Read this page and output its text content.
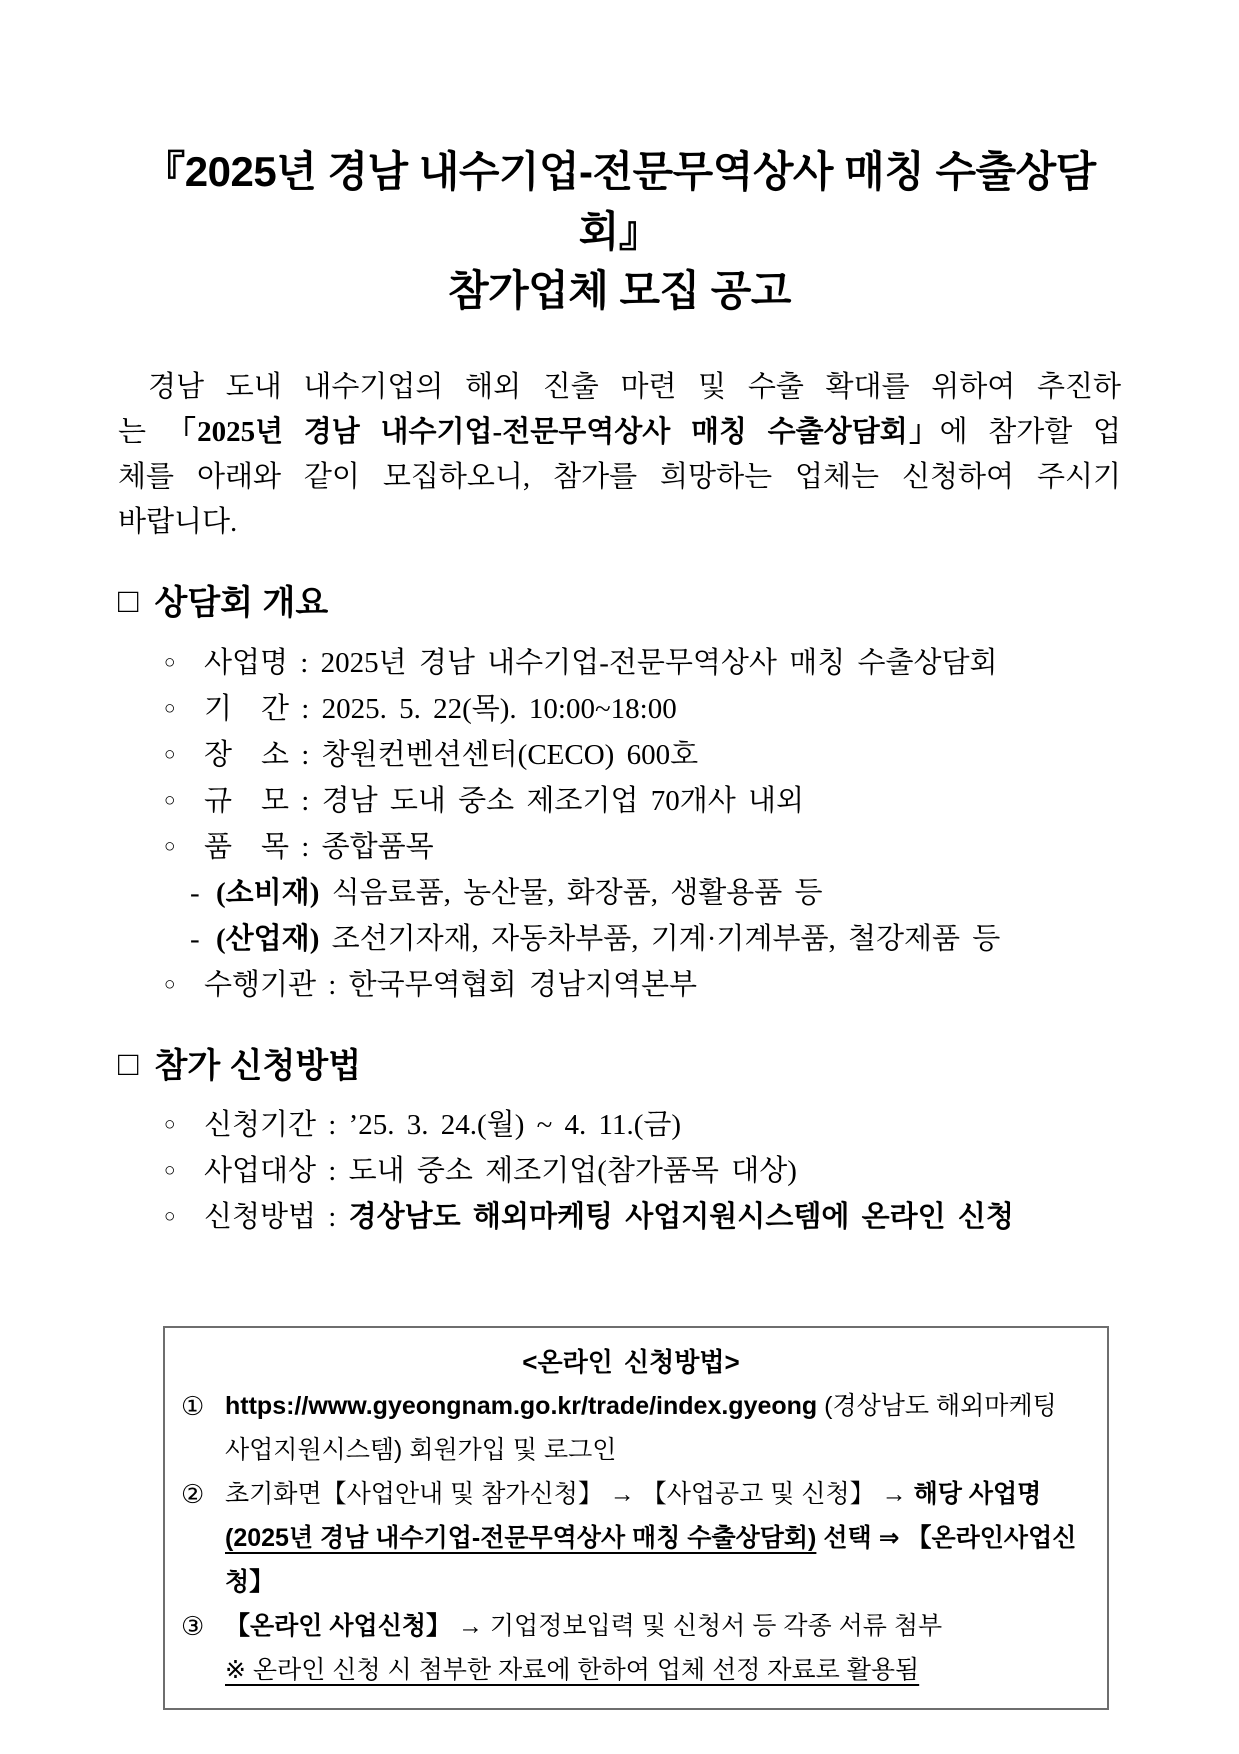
『2025년 경남 내수기업-전문무역상사 매칭 수출상담회』
참가업체 모집 공고

경남 도내 내수기업의 해외 진출 마련 및 수출 확대를 위하여 추진하는 「2025년 경남 내수기업-전문무역상사 매칭 수출상담회」에 참가할 업체를 아래와 같이 모집하오니, 참가를 희망하는 업체는 신청하여 주시기 바랍니다.

□ 상담회 개요
○ 사업명 : 2025년 경남 내수기업-전문무역상사 매칭 수출상담회
○ 기　간 : 2025. 5. 22(목). 10:00~18:00
○ 장　소 : 창원컨벤션센터(CECO) 600호
○ 규　모 : 경남 도내 중소 제조기업 70개사 내외
○ 품　목 : 종합품목
- (소비재) 식음료품, 농산물, 화장품, 생활용품 등
- (산업재) 조선기자재, 자동차부품, 기계·기계부품, 철강제품 등
○ 수행기관 : 한국무역협회 경남지역본부
□ 참가 신청방법
○ 신청기간 : ’25. 3. 24.(월) ~ 4. 11.(금)
○ 사업대상 : 도내 중소 제조기업(참가품목 대상)
○ 신청방법 : 경상남도 해외마케팅 사업지원시스템에 온라인 신청
<온라인 신청방법>
① https://www.gyeongnam.go.kr/trade/index.gyeong (경상남도 해외마케팅 사업지원시스템) 회원가입 및 로그인
② 초기화면【사업안내 및 참가신청】 → 【사업공고 및 신청】 → 해당 사업명(2025년 경남 내수기업-전문무역상사 매칭 수출상담회) 선택 ⇒ 【온라인사업신청】
③ 【온라인 사업신청】 → 기업정보입력 및 신청서 등 각종 서류 첨부
※ 온라인 신청 시 첨부한 자료에 한하여 업체 선정 자료로 활용됨
